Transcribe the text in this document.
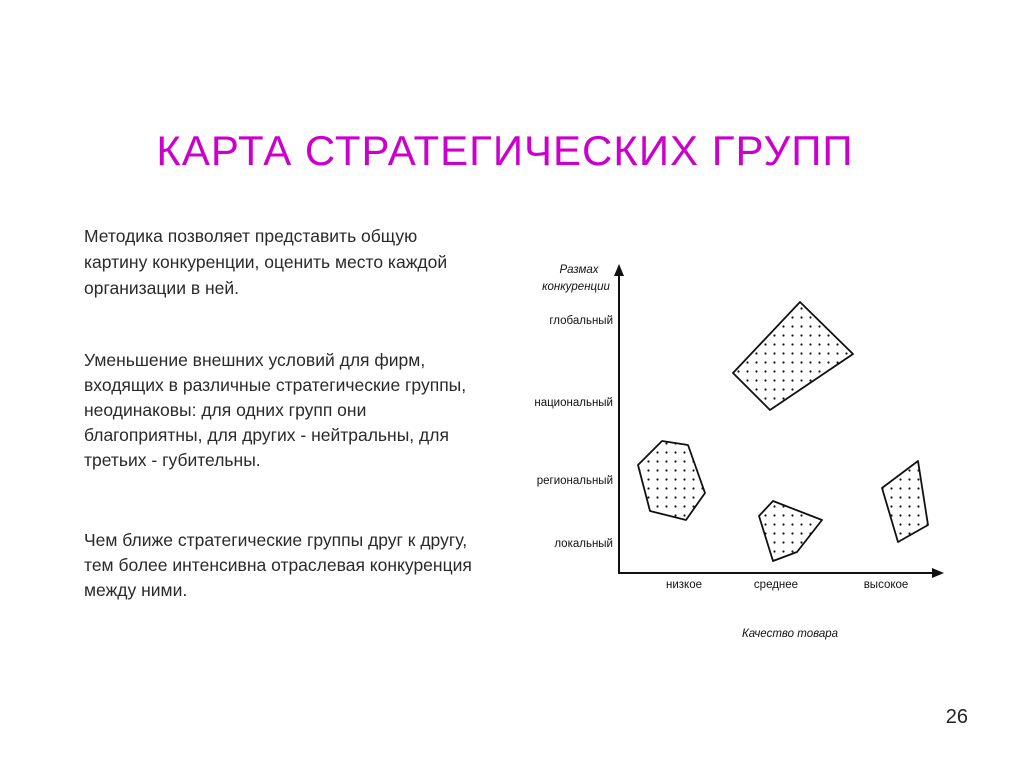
КАРТА СТРАТЕГИЧЕСКИХ ГРУПП
Методика позволяет представить общую картину конкуренции, оценить место каждой организации в ней.
Уменьшение внешних условий для фирм, входящих в различные стратегические группы, неодинаковы: для одних групп они благоприятны, для других - нейтральны, для третьих - губительны.
Чем ближе стратегические группы друг к другу, тем более интенсивна отраслевая конкуренция между ними.
Размах
конкуренции
глобальный
национальный
региональный
локальный
низкое	среднее	высокое
Качество товара
26
